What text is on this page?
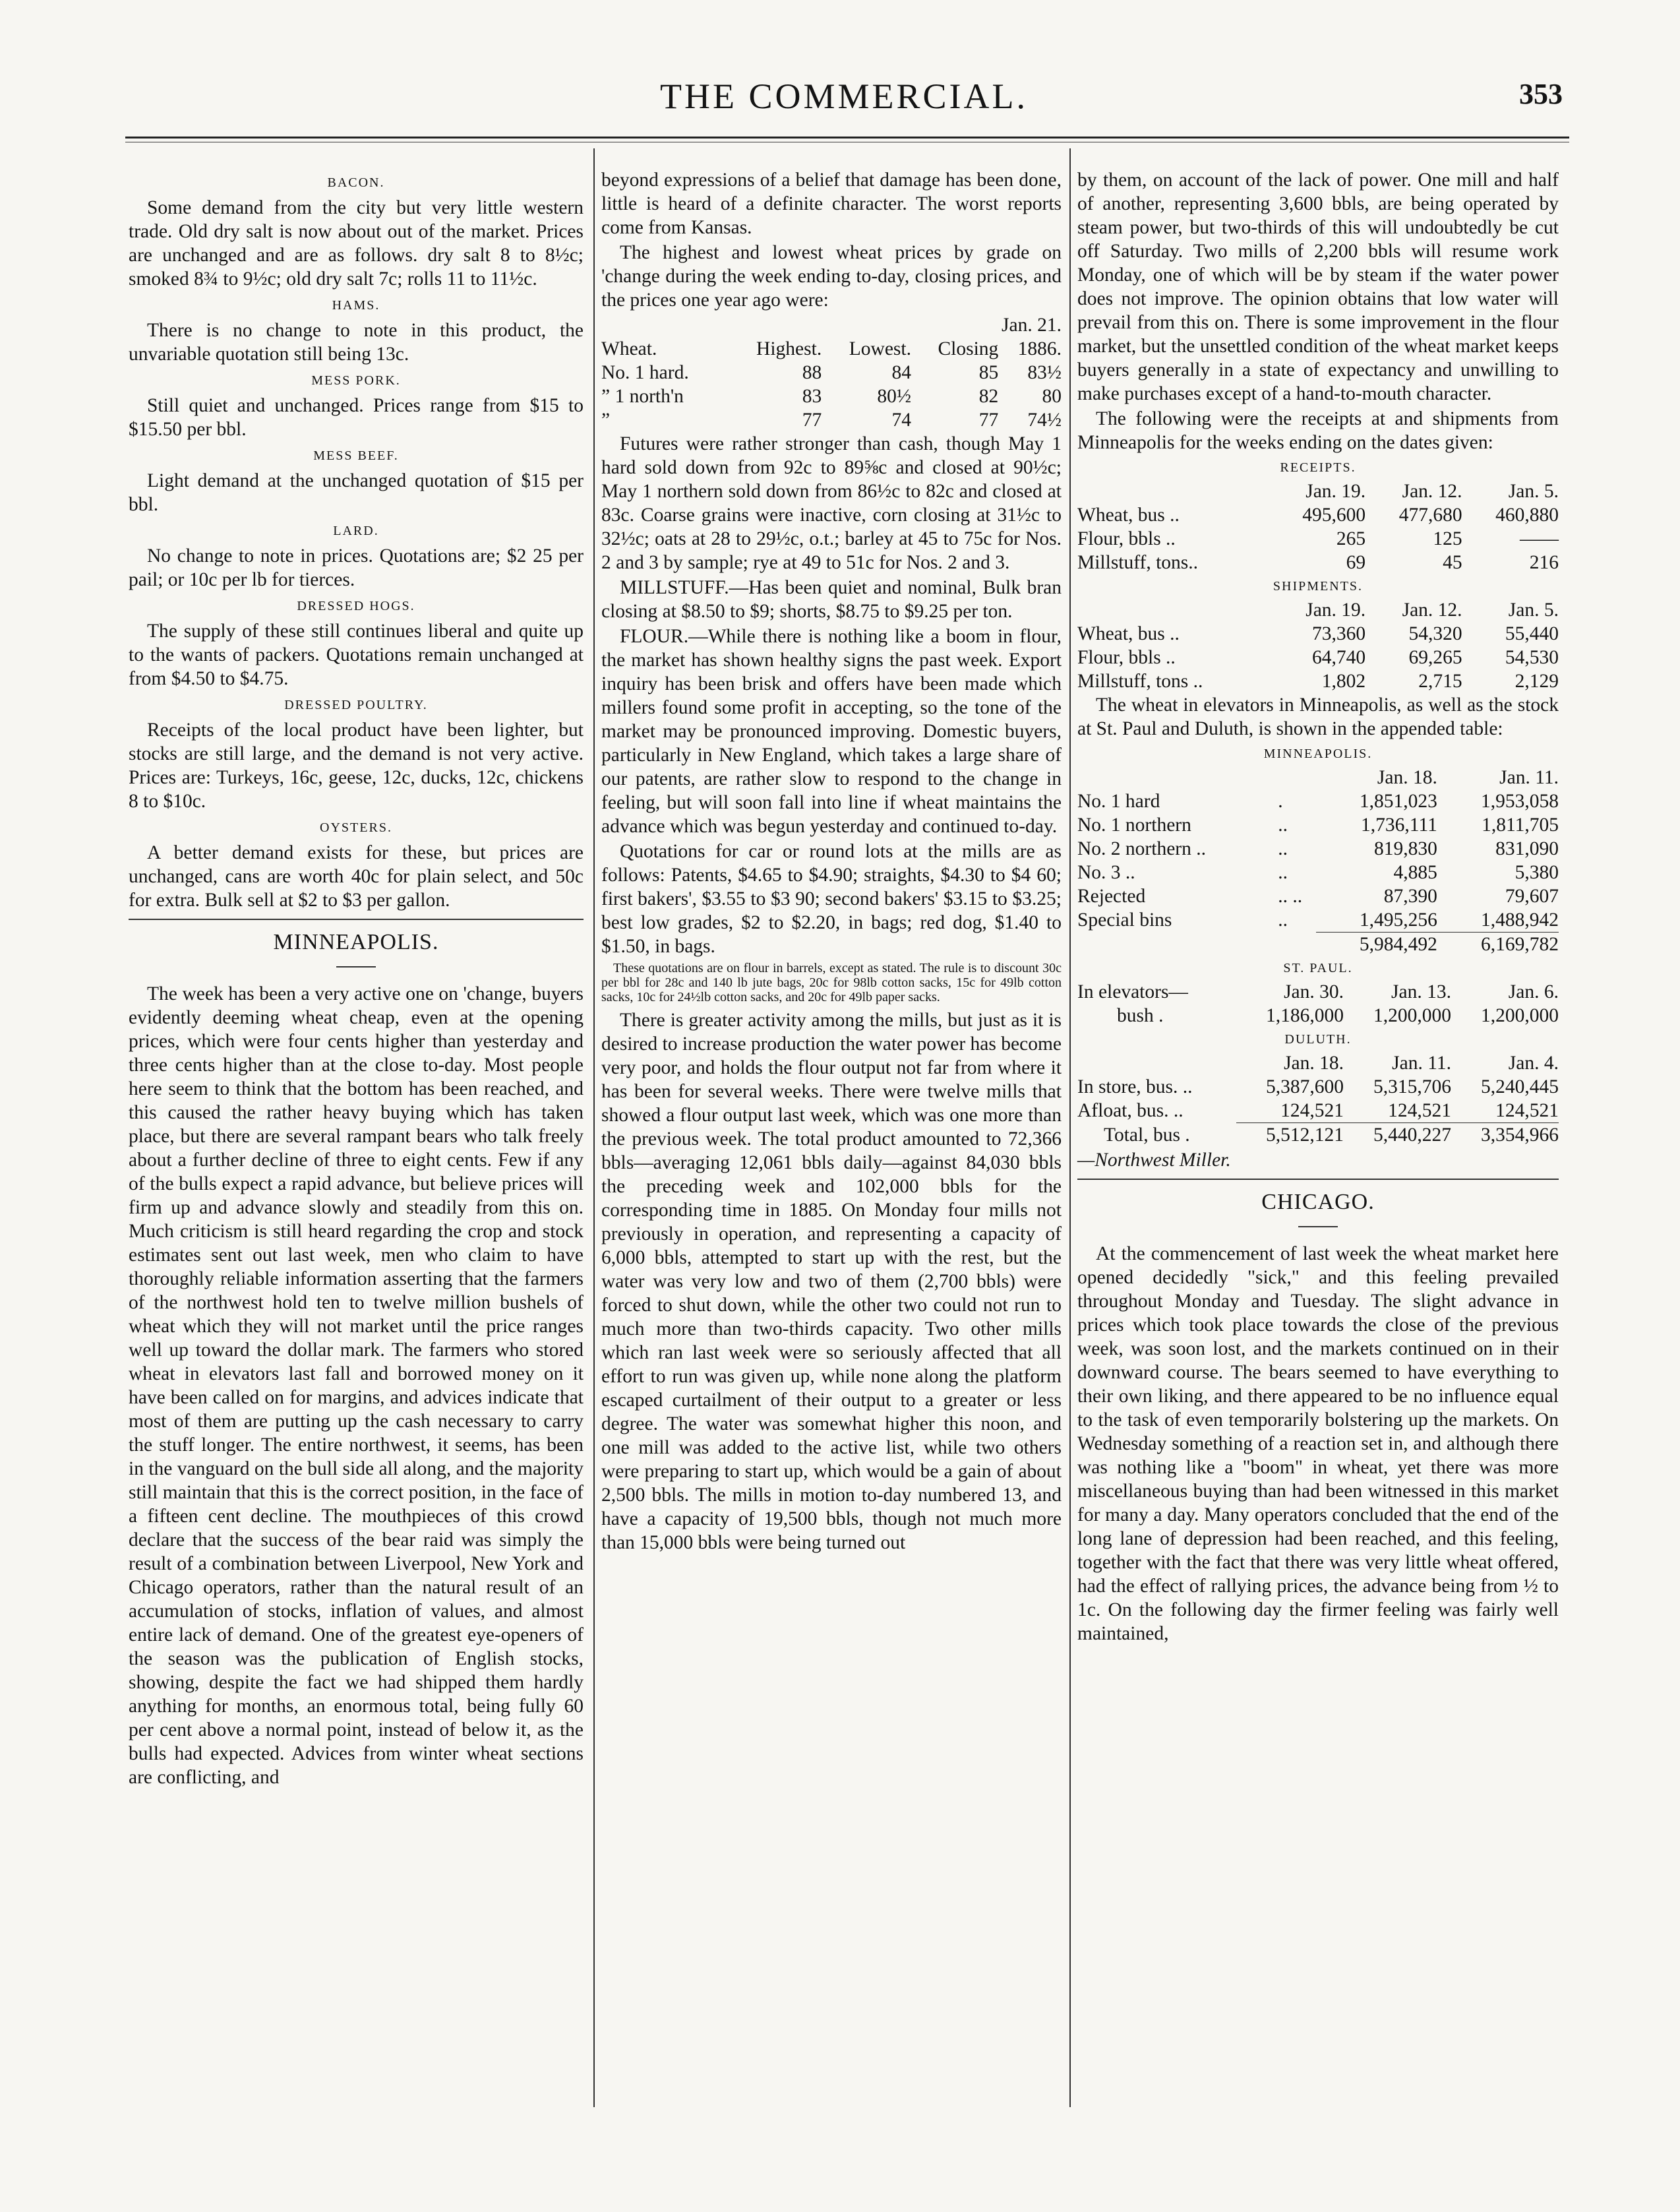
THE COMMERCIAL.	353
BACON.

Some demand from the city but very little western trade. Old dry salt is now about out of the market. Prices are unchanged and are as follows. dry salt 8 to 8½c; smoked 8¾ to 9½c; old dry salt 7c; rolls 11 to 11½c.

HAMS.

There is no change to note in this product, the unvariable quotation still being 13c.

MESS PORK.

Still quiet and unchanged. Prices range from $15 to $15.50 per bbl.

MESS BEEF.

Light demand at the unchanged quotation of $15 per bbl.

LARD.

No change to note in prices. Quotations are; $2 25 per pail; or 10c per lb for tierces.

DRESSED HOGS.

The supply of these still continues liberal and quite up to the wants of packers. Quotations remain unchanged at from $4.50 to $4.75.

DRESSED POULTRY.

Receipts of the local product have been lighter, but stocks are still large, and the demand is not very active. Prices are: Turkeys, 16c, geese, 12c, ducks, 12c, chickens 8 to $10c.

OYSTERS.

A better demand exists for these, but prices are unchanged, cans are worth 40c for plain select, and 50c for extra. Bulk sell at $2 to $3 per gallon.

MINNEAPOLIS.

The week has been a very active one on 'change, buyers evidently deeming wheat cheap, even at the opening prices, which were four cents higher than yesterday and three cents higher than at the close to-day. Most people here seem to think that the bottom has been reached, and this caused the rather heavy buying which has taken place, but there are several rampant bears who talk freely about a further decline of three to eight cents. Few if any of the bulls expect a rapid advance, but believe prices will firm up and advance slowly and steadily from this on. Much criticism is still heard regarding the crop and stock estimates sent out last week, men who claim to have thoroughly reliable information asserting that the farmers of the northwest hold ten to twelve million bushels of wheat which they will not market until the price ranges well up toward the dollar mark. The farmers who stored wheat in elevators last fall and borrowed money on it have been called on for margins, and advices indicate that most of them are putting up the cash necessary to carry the stuff longer. The entire northwest, it seems, has been in the vanguard on the bull side all along, and the majority still maintain that this is the correct position, in the face of a fifteen cent decline. The mouthpieces of this crowd declare that the success of the bear raid was simply the result of a combination between Liverpool, New York and Chicago operators, rather than the natural result of an accumulation of stocks, inflation of values, and almost entire lack of demand. One of the greatest eye-openers of the season was the publication of English stocks, showing, despite the fact we had shipped them hardly anything for months, an enormous total, being fully 60 per cent above a normal point, instead of below it, as the bulls had expected. Advices from winter wheat sections are conflicting, and

beyond expressions of a belief that damage has been done, little is heard of a definite character. The worst reports come from Kansas.

The highest and lowest wheat prices by grade on 'change during the week ending to-day, closing prices, and the prices one year ago were:

Jan. 21.
Wheat.	Highest.	Lowest.	Closing	1886.
No. 1 hard.	88	84	85	83½
” 1 north'n	83	80½	82	80
”	77	74	77	74½

Futures were rather stronger than cash, though May 1 hard sold down from 92c to 89⅝c and closed at 90½c; May 1 northern sold down from 86½c to 82c and closed at 83c. Coarse grains were inactive, corn closing at 31½c to 32½c; oats at 28 to 29½c, o.t.; barley at 45 to 75c for Nos. 2 and 3 by sample; rye at 49 to 51c for Nos. 2 and 3.

MILLSTUFF.—Has been quiet and nominal, Bulk bran closing at $8.50 to $9; shorts, $8.75 to $9.25 per ton.

FLOUR.—While there is nothing like a boom in flour, the market has shown healthy signs the past week. Export inquiry has been brisk and offers have been made which millers found some profit in accepting, so the tone of the market may be pronounced improving. Domestic buyers, particularly in New England, which takes a large share of our patents, are rather slow to respond to the change in feeling, but will soon fall into line if wheat maintains the advance which was begun yesterday and continued to-day.

Quotations for car or round lots at the mills are as follows: Patents, $4.65 to $4.90; straights, $4.30 to $4 60; first bakers', $3.55 to $3 90; second bakers' $3.15 to $3.25; best low grades, $2 to $2.20, in bags; red dog, $1.40 to $1.50, in bags.

These quotations are on flour in barrels, except as stated. The rule is to discount 30c per bbl for 28c and 140 lb jute bags, 20c for 98lb cotton sacks, 15c for 49lb cotton sacks, 10c for 24½lb cotton sacks, and 20c for 49lb paper sacks.

There is greater activity among the mills, but just as it is desired to increase production the water power has become very poor, and holds the flour output not far from where it has been for several weeks. There were twelve mills that showed a flour output last week, which was one more than the previous week. The total product amounted to 72,366 bbls—averaging 12,061 bbls daily—against 84,030 bbls the preceding week and 102,000 bbls for the corresponding time in 1885. On Monday four mills not previously in operation, and representing a capacity of 6,000 bbls, attempted to start up with the rest, but the water was very low and two of them (2,700 bbls) were forced to shut down, while the other two could not run to much more than two-thirds capacity. Two other mills which ran last week were so seriously affected that all effort to run was given up, while none along the platform escaped curtailment of their output to a greater or less degree. The water was somewhat higher this noon, and one mill was added to the active list, while two others were preparing to start up, which would be a gain of about 2,500 bbls. The mills in motion to-day numbered 13, and have a capacity of 19,500 bbls, though not much more than 15,000 bbls were being turned out

by them, on account of the lack of power. One mill and half of another, representing 3,600 bbls, are being operated by steam power, but two-thirds of this will undoubtedly be cut off Saturday. Two mills of 2,200 bbls will resume work Monday, one of which will be by steam if the water power does not improve. The opinion obtains that low water will prevail from this on. There is some improvement in the flour market, but the unsettled condition of the wheat market keeps buyers generally in a state of expectancy and unwilling to make purchases except of a hand-to-mouth character.

The following were the receipts at and shipments from Minneapolis for the weeks ending on the dates given:

RECEIPTS.			
	Jan. 19.	Jan. 12.	Jan. 5.
Wheat, bus ..	495,600	477,680	460,880
Flour, bbls ..	265	125	——
Millstuff, tons..	69	45	216
SHIPMENTS.			
	Jan. 19.	Jan. 12.	Jan. 5.
Wheat, bus ..	73,360	54,320	55,440
Flour, bbls ..	64,740	69,265	54,530
Millstuff, tons ..	1,802	2,715	2,129

The wheat in elevators in Minneapolis, as well as the stock at St. Paul and Duluth, is shown in the appended table:

MINNEAPOLIS.			
		Jan. 18.	Jan. 11.
No. 1 hard	.	1,851,023	1,953,058
No. 1 northern	..	1,736,111	1,811,705
No. 2 northern ..	..	819,830	831,090
No. 3 ..	..	4,885	5,380
Rejected	.. ..	87,390	79,607
Special bins	..	1,495,256	1,488,942
		5,984,492	6,169,782
ST. PAUL.			
In elevators—	Jan. 30.	Jan. 13.	Jan. 6.
bush .	1,186,000	1,200,000	1,200,000
DULUTH.			
	Jan. 18.	Jan. 11.	Jan. 4.
In store, bus. ..	5,387,600	5,315,706	5,240,445
Afloat, bus. ..	124,521	124,521	124,521
Total, bus .	5,512,121	5,440,227	3,354,966
—Northwest Miller.
CHICAGO.

At the commencement of last week the wheat market here opened decidedly "sick," and this feeling prevailed throughout Monday and Tuesday. The slight advance in prices which took place towards the close of the previous week, was soon lost, and the markets continued on in their downward course. The bears seemed to have everything to their own liking, and there appeared to be no influence equal to the task of even temporarily bolstering up the markets. On Wednesday something of a reaction set in, and although there was nothing like a "boom" in wheat, yet there was more miscellaneous buying than had been witnessed in this market for many a day. Many operators concluded that the end of the long lane of depression had been reached, and this feeling, together with the fact that there was very little wheat offered, had the effect of rallying prices, the advance being from ½ to 1c. On the following day the firmer feeling was fairly well maintained,
